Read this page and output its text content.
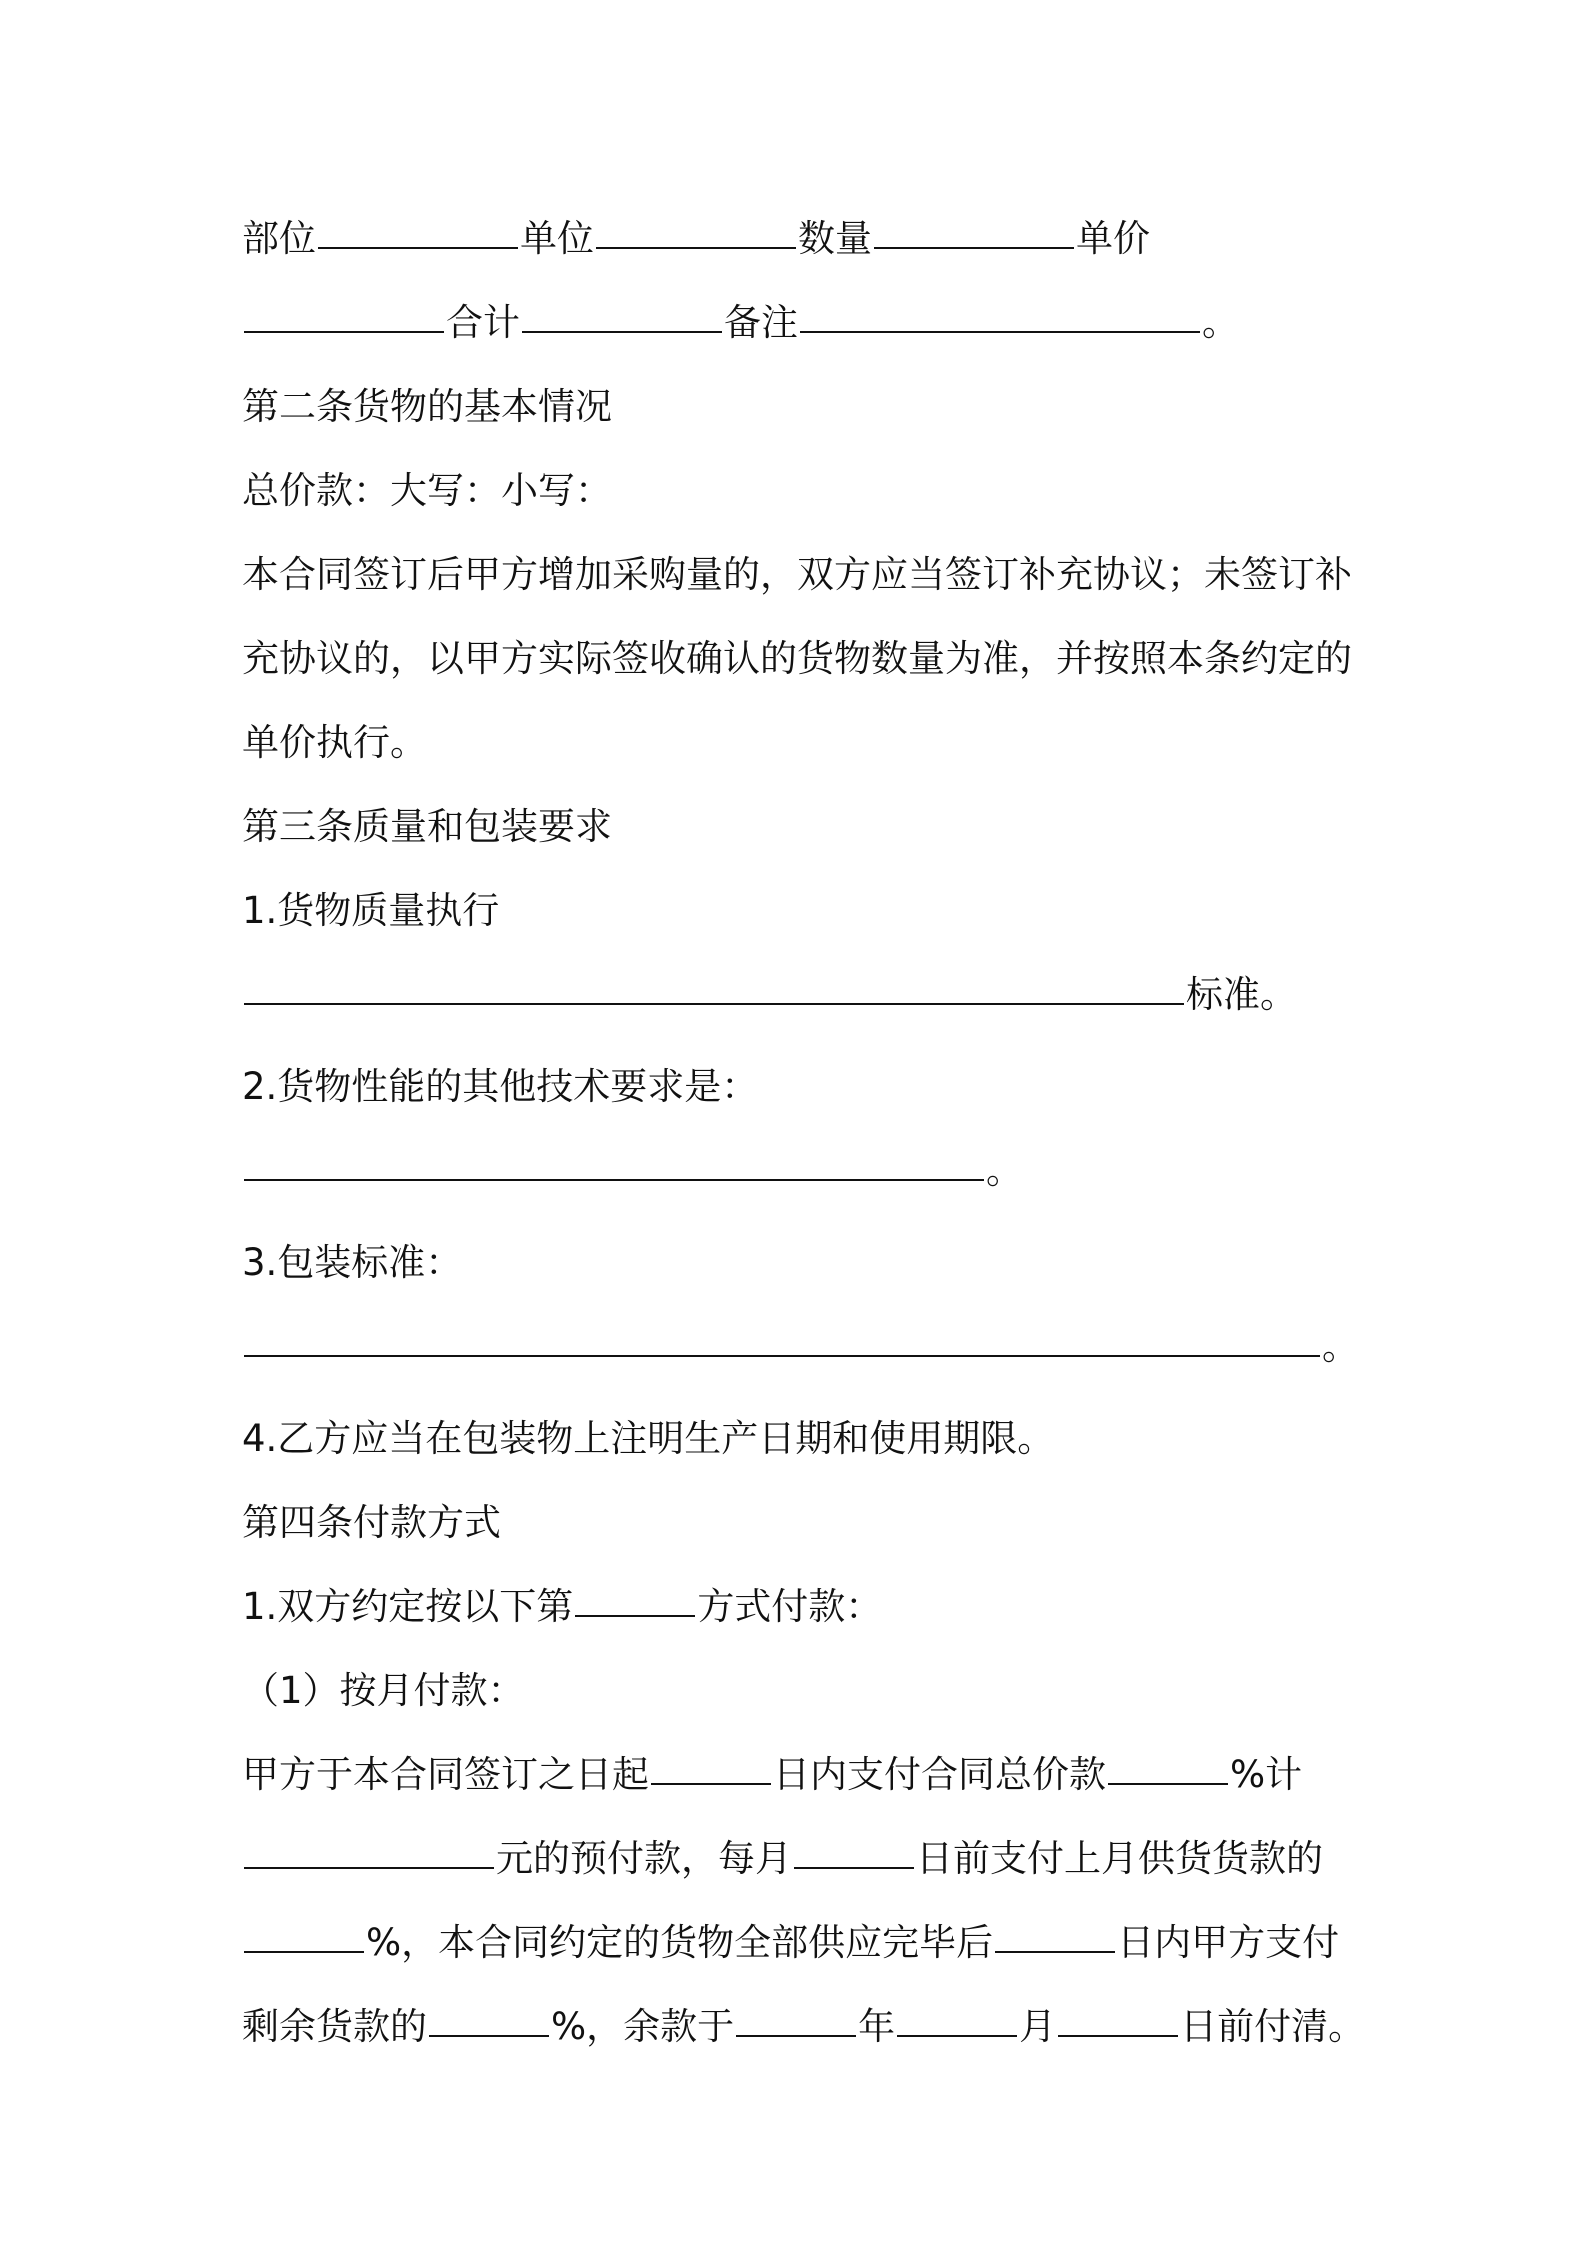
部位	单位	数量	单价
合计	备注	。
第二条货物的基本情况
总价款：大写：小写：
本合同签订后甲方增加采购量的，双方应当签订补充协议；未签订补
充协议的，以甲方实际签收确认的货物数量为准，并按照本条约定的
单价执行。
第三条质量和包装要求
1.货物质量执行
标准。
2.货物性能的其他技术要求是：
。
3.包装标准：
。
4.乙方应当在包装物上注明生产日期和使用期限。
第四条付款方式
1.双方约定按以下第	方式付款：
（1）按月付款：
甲方于本合同签订之日起	日内支付合同总价款	%计
元的预付款，每月	日前支付上月供货货款的
%，本合同约定的货物全部供应完毕后	日内甲方支付
剩余货款的	%，余款于	年	月	日前付清。
